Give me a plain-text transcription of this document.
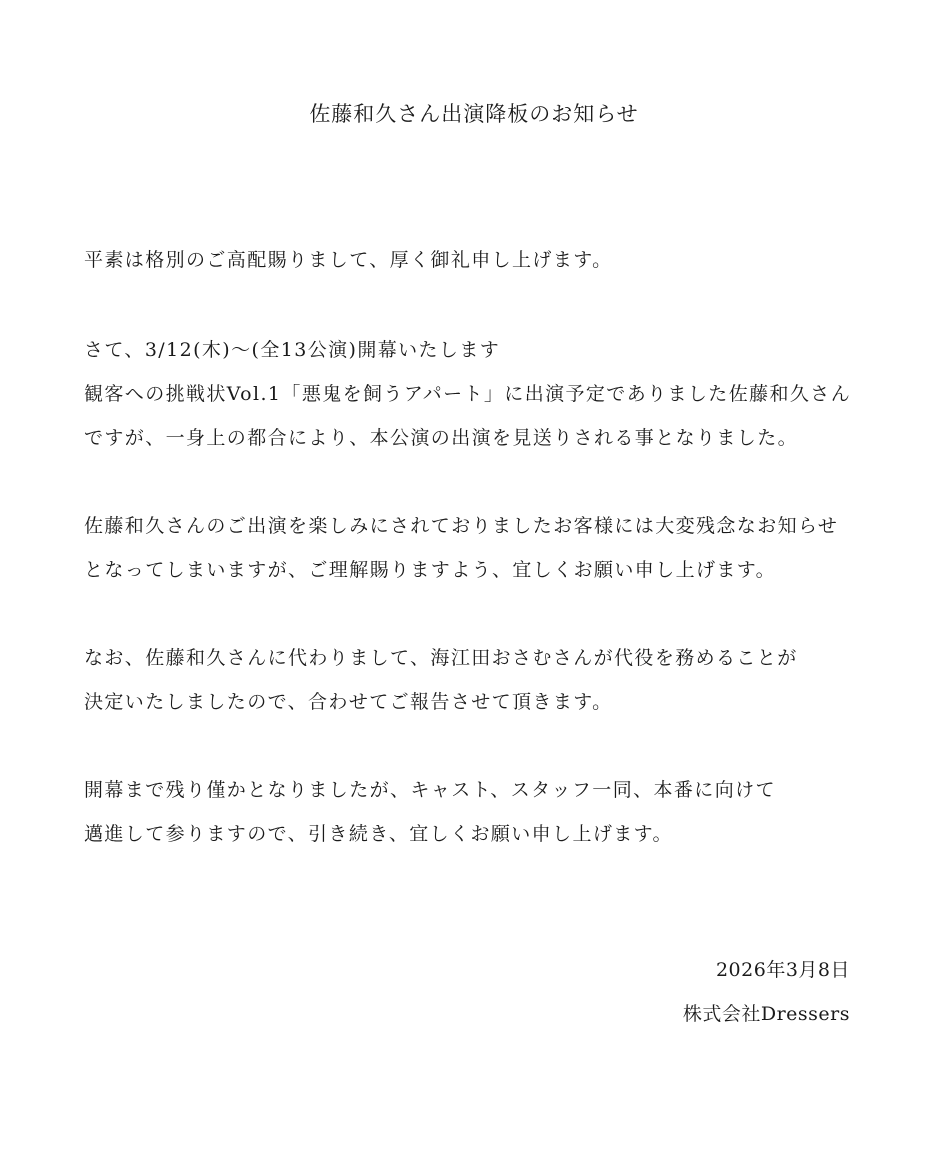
佐藤和久さん出演降板のお知らせ
平素は格別のご高配賜りまして、厚く御礼申し上げます。
さて、3/12(木)～(全13公演)開幕いたします
観客への挑戦状Vol.1「悪鬼を飼うアパート」に出演予定でありました佐藤和久さん
ですが、一身上の都合により、本公演の出演を見送りされる事となりました。
佐藤和久さんのご出演を楽しみにされておりましたお客様には大変残念なお知らせ
となってしまいますが、ご理解賜りますよう、宜しくお願い申し上げます。
なお、佐藤和久さんに代わりまして、海江田おさむさんが代役を務めることが
決定いたしましたので、合わせてご報告させて頂きます。
開幕まで残り僅かとなりましたが、キャスト、スタッフ一同、本番に向けて
邁進して参りますので、引き続き、宜しくお願い申し上げます。
2026年3月8日
株式会社Dressers
